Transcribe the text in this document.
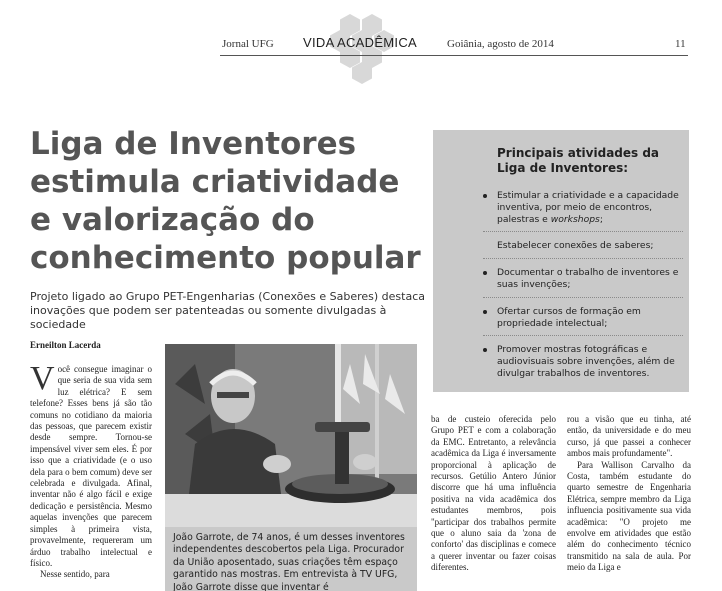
Jornal UFG VIDA ACADÊMICA	Goiânia, agosto de 2014	11
Liga de Inventores
estimula criatividade
e valorização do
conhecimento popular

Projeto ligado ao Grupo PET-Engenharias (Conexões e Saberes) destaca inovações que podem ser patenteadas ou somente divulgadas à sociedade

Erneilton Lacerda
Você consegue imaginar o que seria de sua vida sem luz elétrica? E sem telefone? Esses bens já são tão comuns no cotidiano da maioria das pessoas, que parecem existir desde sempre. Tornou-se impensável viver sem eles. É por isso que a criatividade (e o uso dela para o bem comum) deve ser celebrada e divulgada. Afinal, inventar não é algo fácil e exige dedicação e persistência. Mesmo aquelas invenções que parecem simples à primeira vista, provavelmente, requereram um árduo trabalho intelectual e físico.
Nesse sentido, para
João Garrote, de 74 anos, é um desses inventores independentes descobertos pela Liga. Procurador da União aposentado, suas criações têm espaço garantido nas mostras. Em entrevista à TV UFG, João Garrote disse que inventar é
ba de custeio oferecida pelo Grupo PET e com a colaboração da EMC. Entretanto, a relevância acadêmica da Liga é inversamente proporcional à aplicação de recursos. Getúlio Antero Júnior discorre que há uma influência positiva na vida acadêmica dos estudantes membros, pois "participar dos trabalhos permite que o aluno saia da 'zona de conforto' das disciplinas e comece a querer inventar ou fazer coisas diferentes.
rou a visão que eu tinha, até então, da universidade e do meu curso, já que passei a conhecer ambos mais profundamente".
Para Wallison Carvalho da Costa, também estudante do quarto semestre de Engenharia Elétrica, sempre membro da Liga influencia positivamente sua vida acadêmica: "O projeto me envolve em atividades que estão além do conhecimento técnico transmitido na sala de aula. Por meio da Liga e
Principais atividades da Liga de Inventores:
Estimular a criatividade e a capacidade inventiva, por meio de encontros, palestras e workshops;
Estabelecer conexões de saberes;
Documentar o trabalho de inventores e suas invenções;
Ofertar cursos de formação em propriedade intelectual;
Promover mostras fotográficas e audiovisuais sobre invenções, além de divulgar trabalhos de inventores.
